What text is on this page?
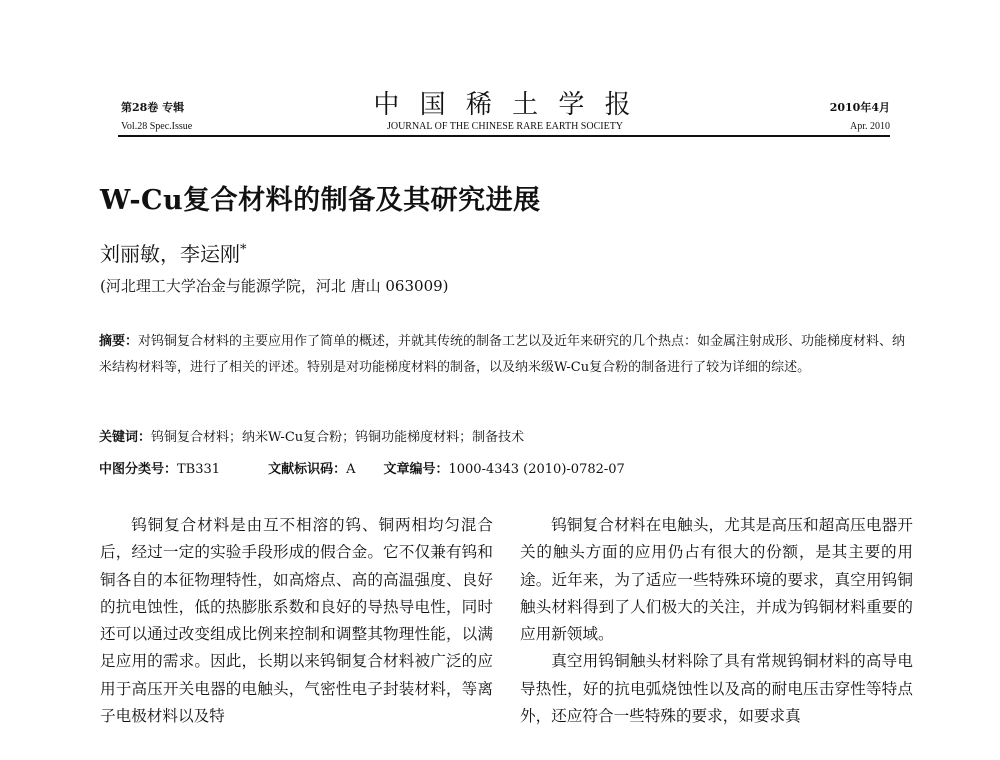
第28卷 专辑
Vol.28 Spec.Issue
中 国 稀 土 学 报
JOURNAL OF THE CHINESE RARE EARTH SOCIETY
2010年4月
Apr. 2010
W-Cu复合材料的制备及其研究进展
刘丽敏，李运刚*
(河北理工大学冶金与能源学院，河北 唐山 063009)
摘要：对钨铜复合材料的主要应用作了简单的概述，并就其传统的制备工艺以及近年来研究的几个热点：如金属注射成形、功能梯度材料、纳米结构材料等，进行了相关的评述。特别是对功能梯度材料的制备，以及纳米级W-Cu复合粉的制备进行了较为详细的综述。
关键词：钨铜复合材料；纳米W-Cu复合粉；钨铜功能梯度材料；制备技术
中图分类号：TB331	文献标识码：A 文章编号：1000-4343 (2010)-0782-07

钨铜复合材料是由互不相溶的钨、铜两相均匀混合后，经过一定的实验手段形成的假合金。它不仅兼有钨和铜各自的本征物理特性，如高熔点、高的高温强度、良好的抗电蚀性，低的热膨胀系数和良好的导热导电性，同时还可以通过改变组成比例来控制和调整其物理性能，以满足应用的需求。因此，长期以来钨铜复合材料被广泛的应用于高压开关电器的电触头，气密性电子封装材料，等离子电极材料以及特

钨铜复合材料在电触头，尤其是高压和超高压电器开关的触头方面的应用仍占有很大的份额，是其主要的用途。近年来，为了适应一些特殊环境的要求，真空用钨铜触头材料得到了人们极大的关注，并成为钨铜材料重要的应用新领域。

真空用钨铜触头材料除了具有常规钨铜材料的高导电导热性，好的抗电弧烧蚀性以及高的耐电压击穿性等特点外，还应符合一些特殊的要求，如要求真
